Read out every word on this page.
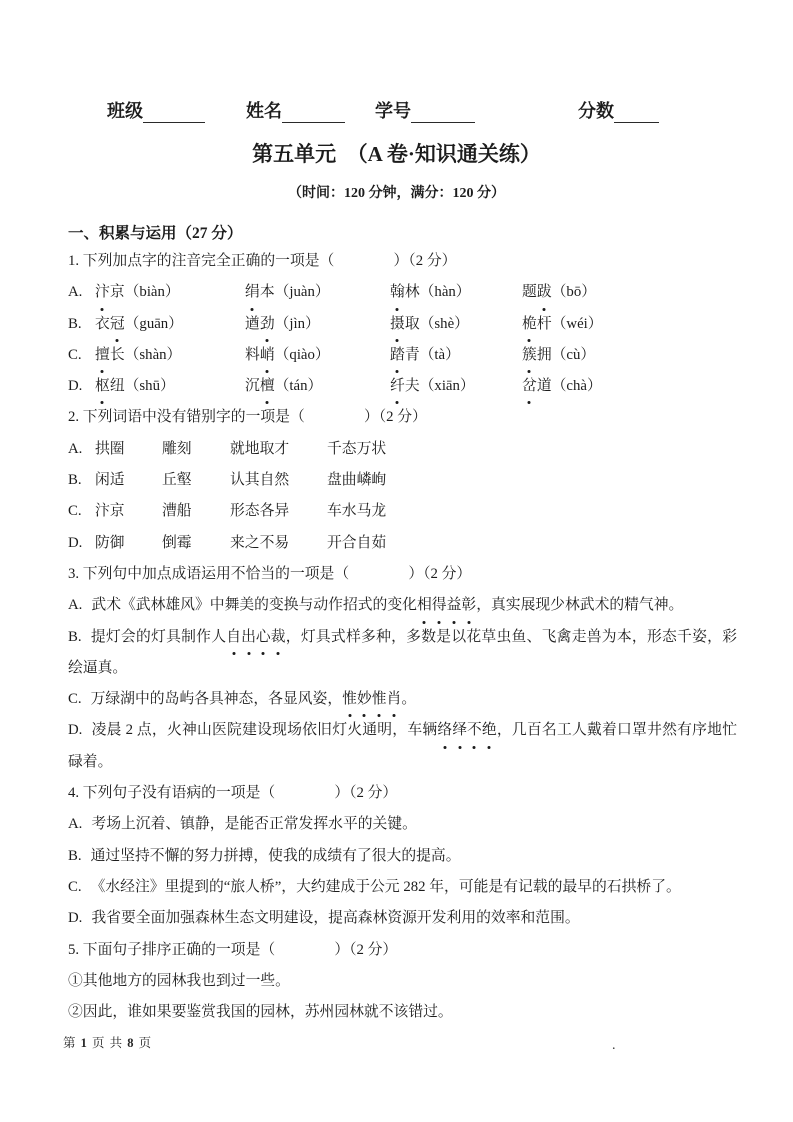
班级	姓名	学号	分数
第五单元　（A 卷·知识通关练）
（时间：120 分钟，满分：120 分）
一、积累与运用（27 分）

1. 下列加点字的注音完全正确的一项是（　　　　）（2 分）

A. 汴京（biàn）	绢本（juàn）	翰林（hàn）	题跋（bō）

B. 衣冠（guān）	遒劲（jìn）	摄取（shè）	桅杆（wéi）

C. 擅长（shàn）	料峭（qiào）	踏青（tà）	簇拥（cù）

D. 枢纽（shū）	沉檀（tán）	纤夫（xiān）	岔道（chà）

2. 下列词语中没有错别字的一项是（　　　　）（2 分）

A. 拱圈	雕刻	就地取才	千态万状

B. 闲适	丘壑	认其自然	盘曲嶙峋

C. 汴京	漕船	形态各异	车水马龙

D. 防御	倒霉	来之不易	开合自茹

3. 下列句中加点成语运用不恰当的一项是（　　　　）（2 分）

A. 武术《武林雄风》中舞美的变换与动作招式的变化相得益彰，真实展现少林武术的精气神。

B. 提灯会的灯具制作人自出心裁，灯具式样多种，多数是以花草虫鱼、飞禽走兽为本，形态千姿，彩绘逼真。

C. 万绿湖中的岛屿各具神态，各显风姿，惟妙惟肖。

D. 凌晨 2 点，火神山医院建设现场依旧灯火通明，车辆络绎不绝，几百名工人戴着口罩井然有序地忙碌着。

4. 下列句子没有语病的一项是（　　　　）（2 分）

A. 考场上沉着、镇静，是能否正常发挥水平的关键。

B. 通过坚持不懈的努力拼搏，使我的成绩有了很大的提高。

C. 《水经注》里提到的“旅人桥”，大约建成于公元 282 年，可能是有记载的最早的石拱桥了。

D. 我省要全面加强森林生态文明建设，提高森林资源开发利用的效率和范围。

5. 下面句子排序正确的一项是（　　　　）（2 分）

①其他地方的园林我也到过一些。

②因此，谁如果要鉴赏我国的园林，苏州园林就不该错过。

第 1 页 共 8 页	.
